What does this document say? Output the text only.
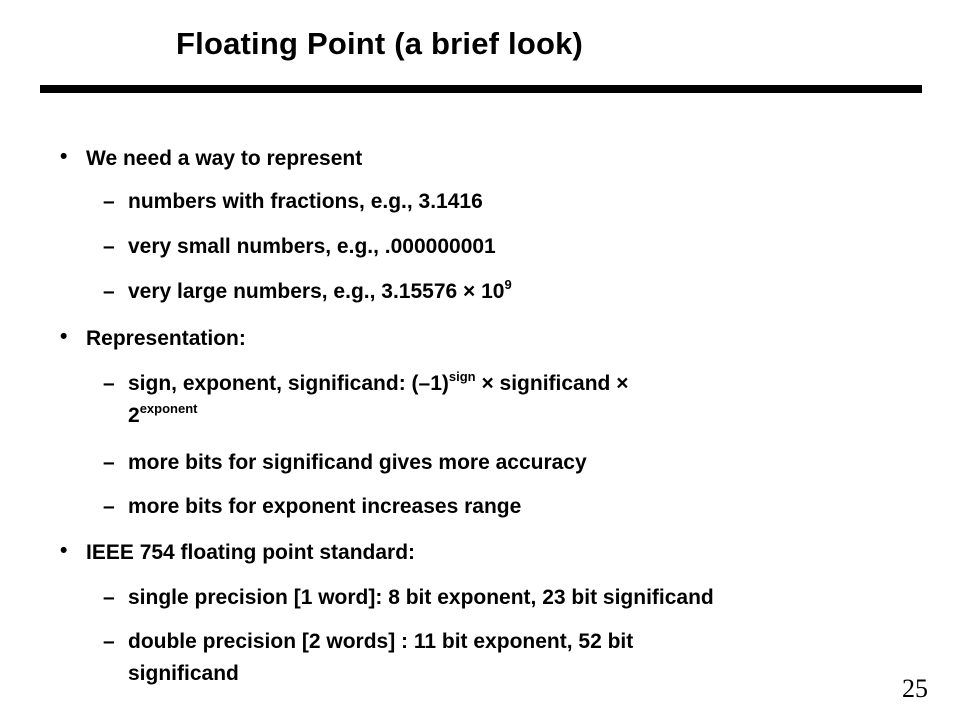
Floating Point (a brief look)
• We need a way to represent
– numbers with fractions, e.g., 3.1416
– very small numbers, e.g., .000000001
– very large numbers, e.g., $3.15576 \times 10^9$
• Representation:
– sign, exponent, significand: $(-1)^{sign}$ × significand ×
$2^{exponent}$
– more bits for significand gives more accuracy
– more bits for exponent increases range
• IEEE 754 floating point standard:
– single precision [1 word]: 8 bit exponent, 23 bit significand
– double precision [2 words] : 11 bit exponent, 52 bit
significand
25
